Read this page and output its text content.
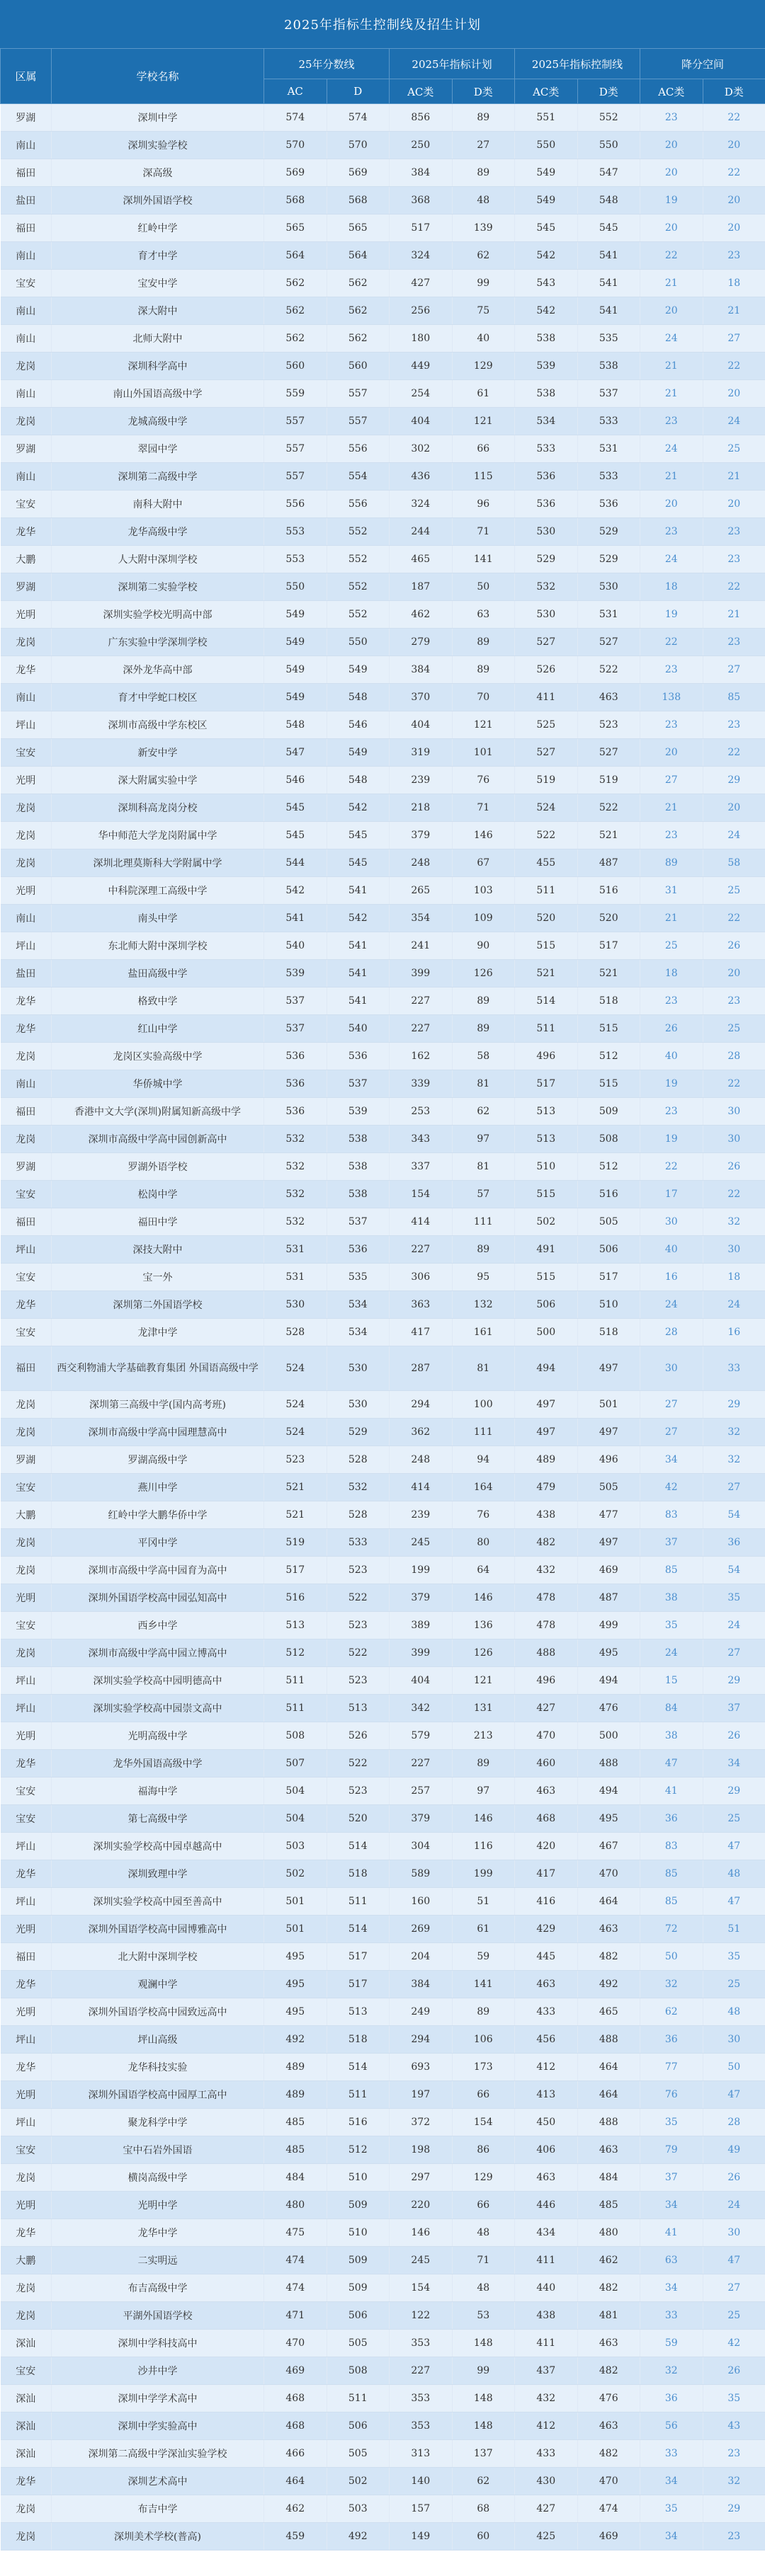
2025年指标生控制线及招生计划
区属	学校名称	25年分数线		2025年指标计划		2025年指标控制线		降分空间	
		AC	D	AC类	D类	AC类	D类	AC类	D类
罗湖	深圳中学	574	574	856	89	551	552	23	22
南山	深圳实验学校	570	570	250	27	550	550	20	20
福田	深高级	569	569	384	89	549	547	20	22
盐田	深圳外国语学校	568	568	368	48	549	548	19	20
福田	红岭中学	565	565	517	139	545	545	20	20
南山	育才中学	564	564	324	62	542	541	22	23
宝安	宝安中学	562	562	427	99	543	541	21	18
南山	深大附中	562	562	256	75	542	541	20	21
南山	北师大附中	562	562	180	40	538	535	24	27
龙岗	深圳科学高中	560	560	449	129	539	538	21	22
南山	南山外国语高级中学	559	557	254	61	538	537	21	20
龙岗	龙城高级中学	557	557	404	121	534	533	23	24
罗湖	翠园中学	557	556	302	66	533	531	24	25
南山	深圳第二高级中学	557	554	436	115	536	533	21	21
宝安	南科大附中	556	556	324	96	536	536	20	20
龙华	龙华高级中学	553	552	244	71	530	529	23	23
大鹏	人大附中深圳学校	553	552	465	141	529	529	24	23
罗湖	深圳第二实验学校	550	552	187	50	532	530	18	22
光明	深圳实验学校光明高中部	549	552	462	63	530	531	19	21
龙岗	广东实验中学深圳学校	549	550	279	89	527	527	22	23
龙华	深外龙华高中部	549	549	384	89	526	522	23	27
南山	育才中学蛇口校区	549	548	370	70	411	463	138	85
坪山	深圳市高级中学东校区	548	546	404	121	525	523	23	23
宝安	新安中学	547	549	319	101	527	527	20	22
光明	深大附属实验中学	546	548	239	76	519	519	27	29
龙岗	深圳科高龙岗分校	545	542	218	71	524	522	21	20
龙岗	华中师范大学龙岗附属中学	545	545	379	146	522	521	23	24
龙岗	深圳北理莫斯科大学附属中学	544	545	248	67	455	487	89	58
光明	中科院深理工高级中学	542	541	265	103	511	516	31	25
南山	南头中学	541	542	354	109	520	520	21	22
坪山	东北师大附中深圳学校	540	541	241	90	515	517	25	26
盐田	盐田高级中学	539	541	399	126	521	521	18	20
龙华	格致中学	537	541	227	89	514	518	23	23
龙华	红山中学	537	540	227	89	511	515	26	25
龙岗	龙岗区实验高级中学	536	536	162	58	496	512	40	28
南山	华侨城中学	536	537	339	81	517	515	19	22
福田	香港中文大学(深圳)附属知新高级中学	536	539	253	62	513	509	23	30
龙岗	深圳市高级中学高中园创新高中	532	538	343	97	513	508	19	30
罗湖	罗湖外语学校	532	538	337	81	510	512	22	26
宝安	松岗中学	532	538	154	57	515	516	17	22
福田	福田中学	532	537	414	111	502	505	30	32
坪山	深技大附中	531	536	227	89	491	506	40	30
宝安	宝一外	531	535	306	95	515	517	16	18
龙华	深圳第二外国语学校	530	534	363	132	506	510	24	24
宝安	龙津中学	528	534	417	161	500	518	28	16
福田	西交利物浦大学基础教育集团 外国语高级中学	524	530	287	81	494	497	30	33
龙岗	深圳第三高级中学(国内高考班)	524	530	294	100	497	501	27	29
龙岗	深圳市高级中学高中园理慧高中	524	529	362	111	497	497	27	32
罗湖	罗湖高级中学	523	528	248	94	489	496	34	32
宝安	燕川中学	521	532	414	164	479	505	42	27
大鹏	红岭中学大鹏华侨中学	521	528	239	76	438	477	83	54
龙岗	平冈中学	519	533	245	80	482	497	37	36
龙岗	深圳市高级中学高中园育为高中	517	523	199	64	432	469	85	54
光明	深圳外国语学校高中园弘知高中	516	522	379	146	478	487	38	35
宝安	西乡中学	513	523	389	136	478	499	35	24
龙岗	深圳市高级中学高中园立博高中	512	522	399	126	488	495	24	27
坪山	深圳实验学校高中园明德高中	511	523	404	121	496	494	15	29
坪山	深圳实验学校高中园崇文高中	511	513	342	131	427	476	84	37
光明	光明高级中学	508	526	579	213	470	500	38	26
龙华	龙华外国语高级中学	507	522	227	89	460	488	47	34
宝安	福海中学	504	523	257	97	463	494	41	29
宝安	第七高级中学	504	520	379	146	468	495	36	25
坪山	深圳实验学校高中园卓越高中	503	514	304	116	420	467	83	47
龙华	深圳致理中学	502	518	589	199	417	470	85	48
坪山	深圳实验学校高中园至善高中	501	511	160	51	416	464	85	47
光明	深圳外国语学校高中园博雅高中	501	514	269	61	429	463	72	51
福田	北大附中深圳学校	495	517	204	59	445	482	50	35
龙华	观澜中学	495	517	384	141	463	492	32	25
光明	深圳外国语学校高中园致远高中	495	513	249	89	433	465	62	48
坪山	坪山高级	492	518	294	106	456	488	36	30
龙华	龙华科技实验	489	514	693	173	412	464	77	50
光明	深圳外国语学校高中园厚工高中	489	511	197	66	413	464	76	47
坪山	聚龙科学中学	485	516	372	154	450	488	35	28
宝安	宝中石岩外国语	485	512	198	86	406	463	79	49
龙岗	横岗高级中学	484	510	297	129	463	484	37	26
光明	光明中学	480	509	220	66	446	485	34	24
龙华	龙华中学	475	510	146	48	434	480	41	30
大鹏	二实明远	474	509	245	71	411	462	63	47
龙岗	布吉高级中学	474	509	154	48	440	482	34	27
龙岗	平湖外国语学校	471	506	122	53	438	481	33	25
深汕	深圳中学科技高中	470	505	353	148	411	463	59	42
宝安	沙井中学	469	508	227	99	437	482	32	26
深汕	深圳中学学术高中	468	511	353	148	432	476	36	35
深汕	深圳中学实验高中	468	506	353	148	412	463	56	43
深汕	深圳第二高级中学深汕实验学校	466	505	313	137	433	482	33	23
龙华	深圳艺术高中	464	502	140	62	430	470	34	32
龙岗	布吉中学	462	503	157	68	427	474	35	29
龙岗	深圳美术学校(普高)	459	492	149	60	425	469	34	23
